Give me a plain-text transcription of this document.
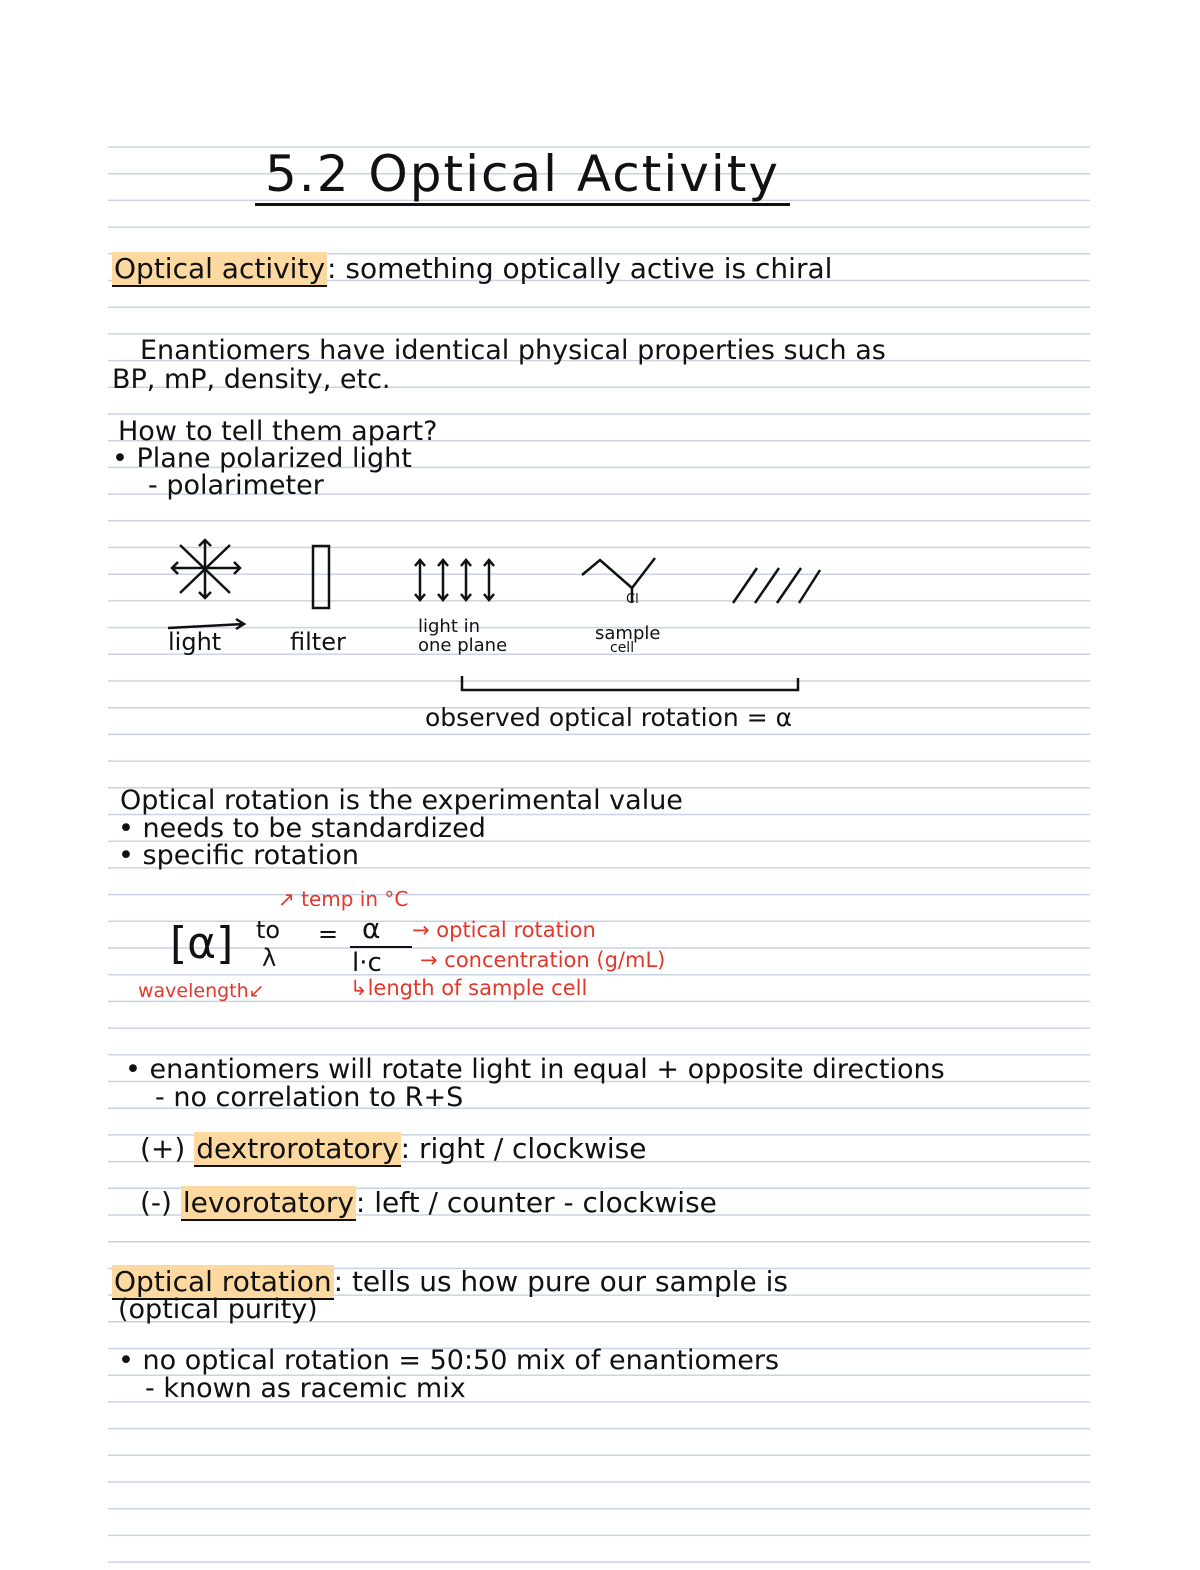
5.2 Optical Activity
Optical activity: something optically active is chiral
Enantiomers have identical physical properties such as
BP, mP, density, etc.
How to tell them apart?
• Plane polarized light
- polarimeter
light	filter
light in
one plane
sample
cell
Cl
observed optical rotation = α
Optical rotation is the experimental value
• needs to be standardized
• specific rotation
↗ temp in °C
[α] to
λ
= α
l·c
→ optical rotation
→ concentration (g/mL)
↳length of sample cell
wavelength↙
• enantiomers will rotate light in equal + opposite directions
- no correlation to R+S
(+) dextrorotatory: right / clockwise
(-) levorotatory: left / counter - clockwise
Optical rotation: tells us how pure our sample is
(optical purity)
• no optical rotation = 50:50 mix of enantiomers
- known as racemic mix
